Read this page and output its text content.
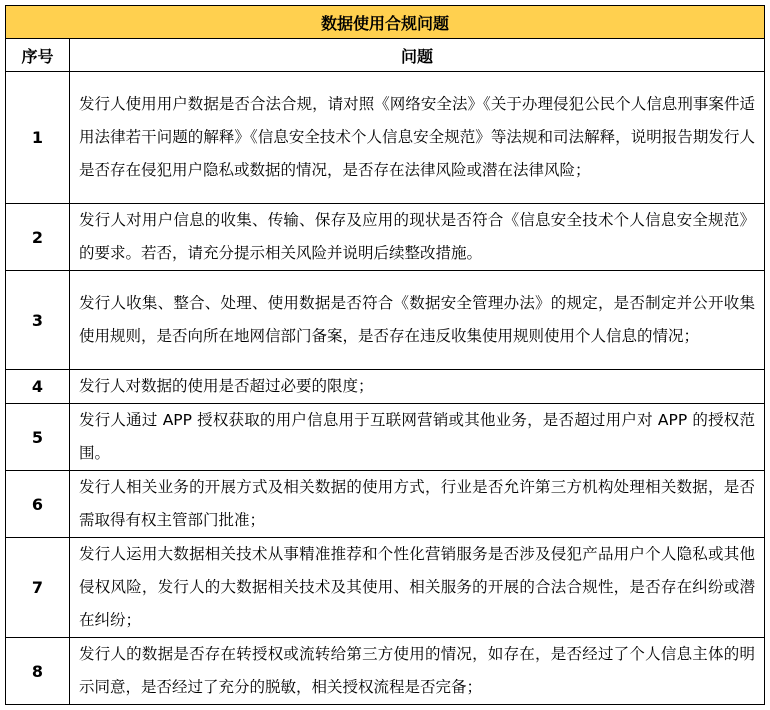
数据使用合规问题	
序号	问题
1	发行人使用用户数据是否合法合规，请对照《网络安全法》《关于办理侵犯公民个人信息刑事案件适用法律若干问题的解释》《信息安全技术个人信息安全规范》等法规和司法解释，说明报告期发行人是否存在侵犯用户隐私或数据的情况，是否存在法律风险或潜在法律风险；
2	发行人对用户信息的收集、传输、保存及应用的现状是否符合《信息安全技术个人信息安全规范》的要求。若否，请充分提示相关风险并说明后续整改措施。
3	发行人收集、整合、处理、使用数据是否符合《数据安全管理办法》的规定，是否制定并公开收集使用规则，是否向所在地网信部门备案，是否存在违反收集使用规则使用个人信息的情况；
4	发行人对数据的使用是否超过必要的限度；
5	发行人通过 APP 授权获取的用户信息用于互联网营销或其他业务，是否超过用户对 APP 的授权范围。
6	发行人相关业务的开展方式及相关数据的使用方式，行业是否允许第三方机构处理相关数据，是否需取得有权主管部门批准；
7	发行人运用大数据相关技术从事精准推荐和个性化营销服务是否涉及侵犯产品用户个人隐私或其他侵权风险，发行人的大数据相关技术及其使用、相关服务的开展的合法合规性，是否存在纠纷或潜在纠纷；
8	发行人的数据是否存在转授权或流转给第三方使用的情况，如存在，是否经过了个人信息主体的明示同意，是否经过了充分的脱敏，相关授权流程是否完备；
